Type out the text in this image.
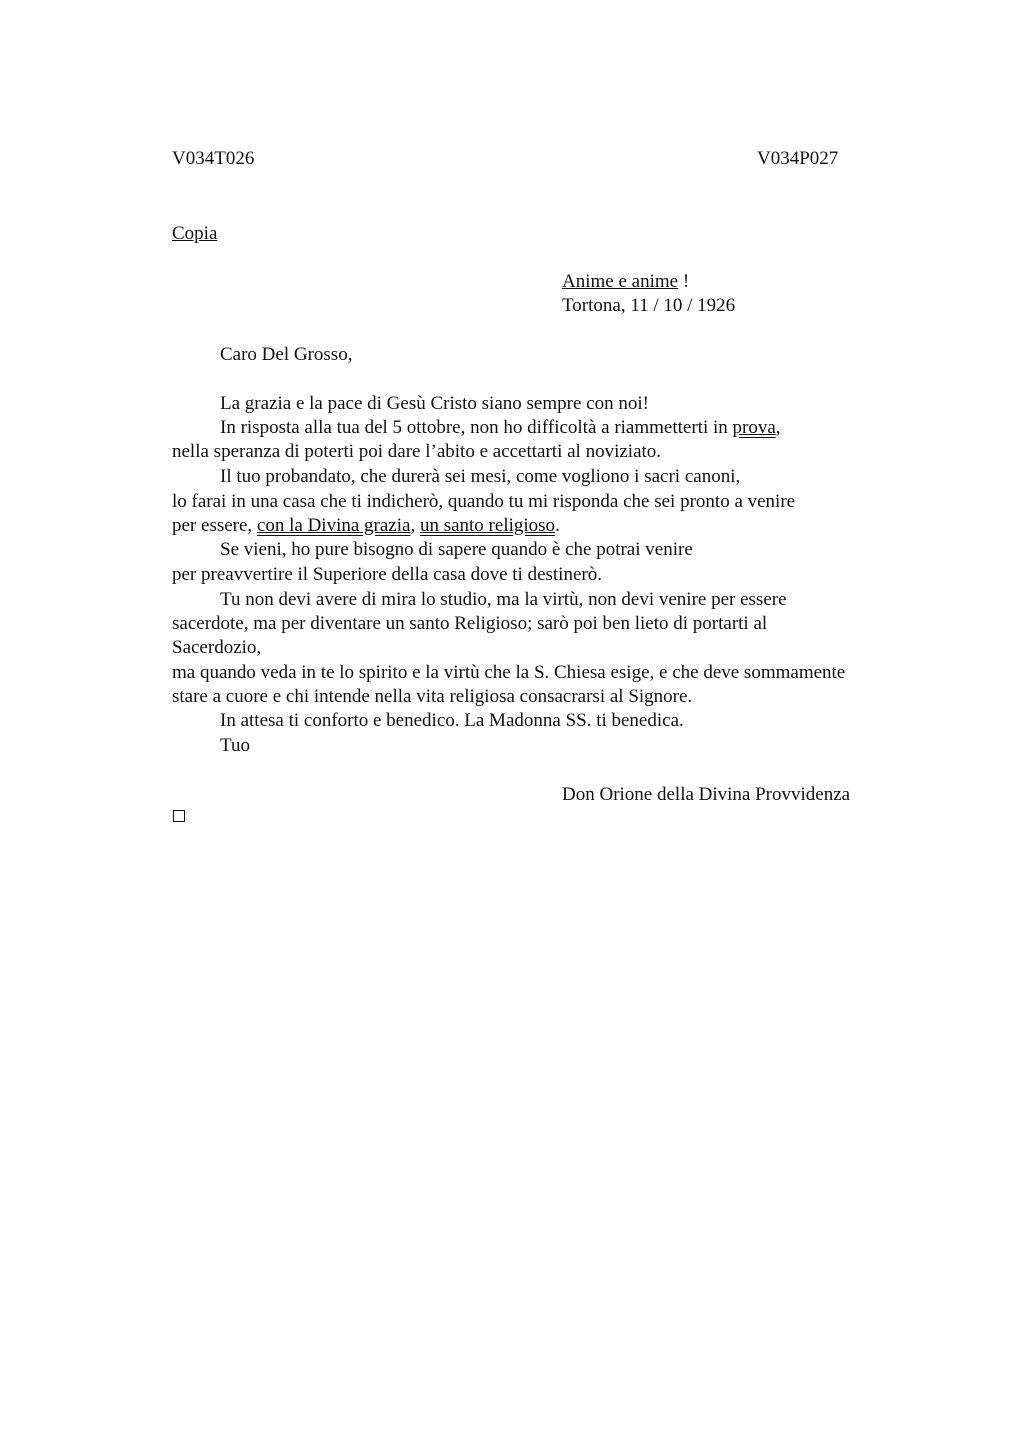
V034T026	V034P027
Copia
Anime e anime !
Tortona, 11 / 10 / 1926
Caro Del Grosso,
La grazia e la pace di Gesù Cristo siano sempre con noi!
In risposta alla tua del 5 ottobre, non ho difficoltà a riammetterti in prova,
nella speranza di poterti poi dare l’abito e accettarti al noviziato.
Il tuo probandato, che durerà sei mesi, come vogliono i sacri canoni,
lo farai in una casa che ti indicherò, quando tu mi risponda che sei pronto a venire
per essere, con la Divina grazia, un santo religioso.
Se vieni, ho pure bisogno di sapere quando è che potrai venire
per preavvertire il Superiore della casa dove ti destinerò.
Tu non devi avere di mira lo studio, ma la virtù, non devi venire per essere
sacerdote, ma per diventare un santo Religioso; sarò poi ben lieto di portarti al
Sacerdozio,
ma quando veda in te lo spirito e la virtù che la S. Chiesa esige, e che deve sommamente
stare a cuore e chi intende nella vita religiosa consacrarsi al Signore.
In attesa ti conforto e benedico. La Madonna SS. ti benedica.
Tuo
Don Orione della Divina Provvidenza
